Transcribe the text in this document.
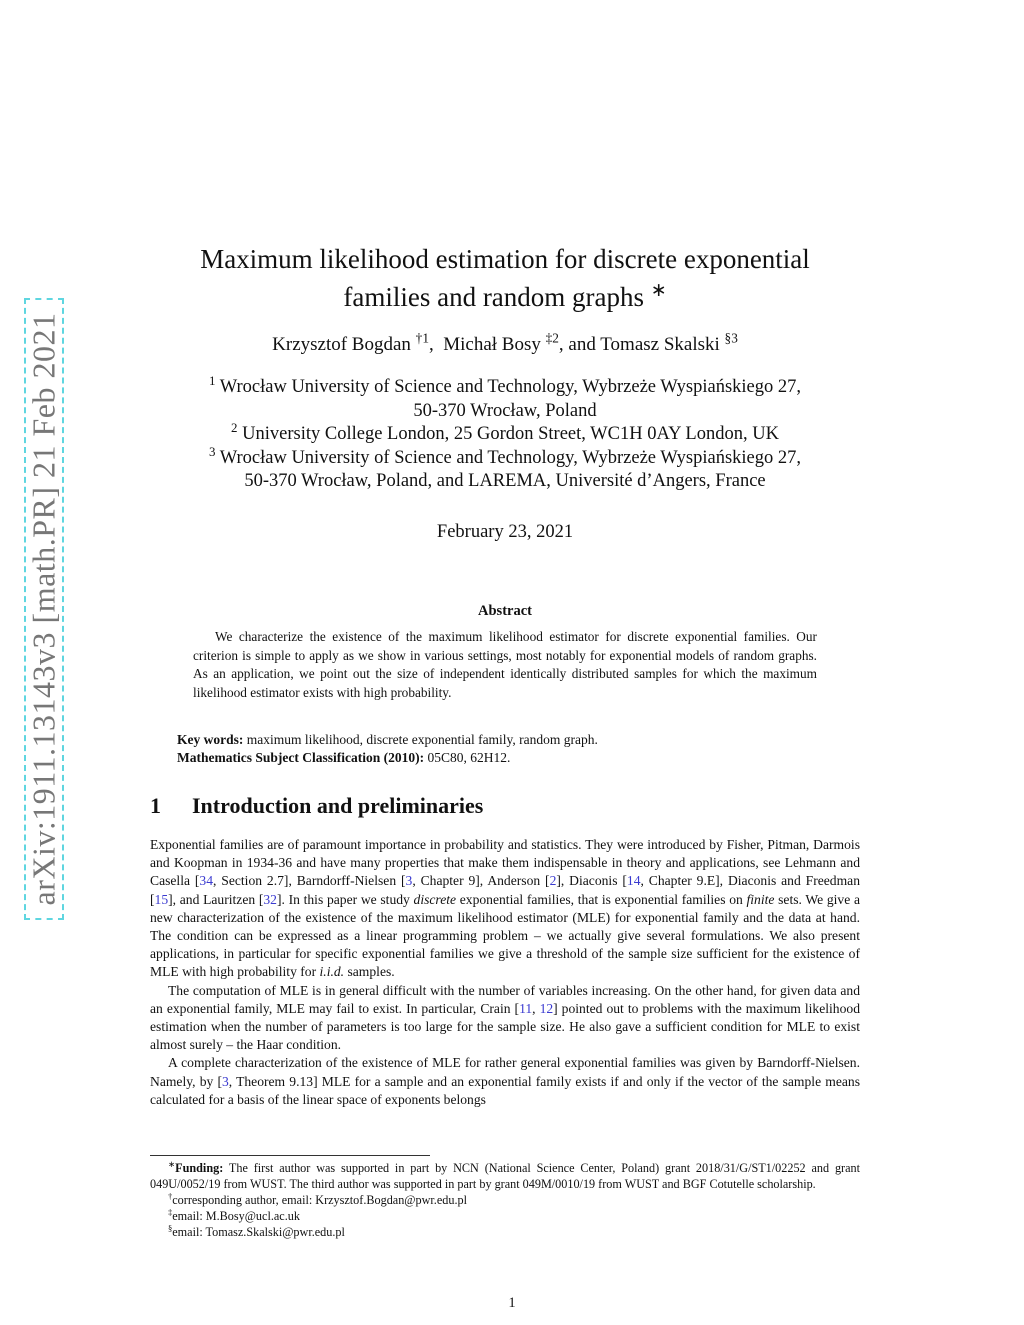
arXiv:1911.13143v3 [math.PR] 21 Feb 2021
Maximum likelihood estimation for discrete exponential
families and random graphs ∗
Krzysztof Bogdan $^{\dagger 1}$, Michał Bosy $^{\ddagger 2}$, and Tomasz Skalski $^{\S 3}$
$^1$ Wrocław University of Science and Technology, Wybrzeże Wyspiańskiego 27,
50-370 Wrocław, Poland
$^2$ University College London, 25 Gordon Street, WC1H 0AY London, UK
$^3$ Wrocław University of Science and Technology, Wybrzeże Wyspiańskiego 27,
50-370 Wrocław, Poland, and LAREMA, Université d’Angers, France
February 23, 2021
Abstract
We characterize the existence of the maximum likelihood estimator for discrete exponential families. Our criterion is simple to apply as we show in various settings, most notably for exponential models of random graphs. As an application, we point out the size of independent identically distributed samples for which the maximum likelihood estimator exists with high probability.
Key words: maximum likelihood, discrete exponential family, random graph.
Mathematics Subject Classification (2010): 05C80, 62H12.
1 Introduction and preliminaries

Exponential families are of paramount importance in probability and statistics. They were introduced by Fisher, Pitman, Darmois and Koopman in 1934-36 and have many properties that make them indispensable in theory and applications, see Lehmann and Casella [34, Section 2.7], Barndorff-Nielsen [3, Chapter 9], Anderson [2], Diaconis [14, Chapter 9.E], Diaconis and Freedman [15], and Lauritzen [32]. In this paper we study discrete exponential families, that is exponential families on finite sets. We give a new characterization of the existence of the maximum likelihood estimator (MLE) for exponential family and the data at hand. The condition can be expressed as a linear programming problem – we actually give several formulations. We also present applications, in particular for specific exponential families we give a threshold of the sample size sufficient for the existence of MLE with high probability for i.i.d. samples.

The computation of MLE is in general difficult with the number of variables increasing. On the other hand, for given data and an exponential family, MLE may fail to exist. In particular, Crain [11, 12] pointed out to problems with the maximum likelihood estimation when the number of parameters is too large for the sample size. He also gave a sufficient condition for MLE to exist almost surely – the Haar condition.

A complete characterization of the existence of MLE for rather general exponential families was given by Barndorff-Nielsen. Namely, by [3, Theorem 9.13] MLE for a sample and an exponential family exists if and only if the vector of the sample means calculated for a basis of the linear space of exponents belongs

∗Funding: The first author was supported in part by NCN (National Science Center, Poland) grant 2018/31/G/ST1/02252 and grant 049U/0052/19 from WUST. The third author was supported in part by grant 049M/0010/19 from WUST and BGF Cotutelle scholarship.

†corresponding author, email: Krzysztof.Bogdan@pwr.edu.pl

‡email: M.Bosy@ucl.ac.uk

§email: Tomasz.Skalski@pwr.edu.pl

1
